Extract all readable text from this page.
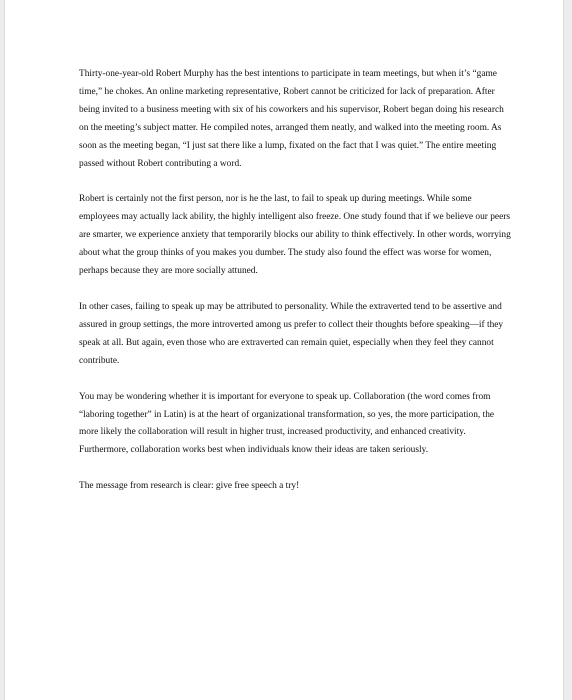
Thirty-one-year-old Robert Murphy has the best intentions to participate in team meetings, but when it’s “game time,” he chokes. An online marketing representative, Robert cannot be criticized for lack of preparation. After being invited to a business meeting with six of his coworkers and his supervisor, Robert began doing his research on the meeting’s subject matter. He compiled notes, arranged them neatly, and walked into the meeting room. As soon as the meeting began, “I just sat there like a lump, fixated on the fact that I was quiet.” The entire meeting passed without Robert contributing a word.

Robert is certainly not the first person, nor is he the last, to fail to speak up during meetings. While some employees may actually lack ability, the highly intelligent also freeze. One study found that if we believe our peers are smarter, we experience anxiety that temporarily blocks our ability to think effectively. In other words, worrying about what the group thinks of you makes you dumber. The study also found the effect was worse for women, perhaps because they are more socially attuned.

In other cases, failing to speak up may be attributed to personality. While the extraverted tend to be assertive and assured in group settings, the more introverted among us prefer to collect their thoughts before speaking—if they speak at all. But again, even those who are extraverted can remain quiet, especially when they feel they cannot contribute.

You may be wondering whether it is important for everyone to speak up. Collaboration (the word comes from “laboring together” in Latin) is at the heart of organizational transformation, so yes, the more participation, the more likely the collaboration will result in higher trust, increased productivity, and enhanced creativity. Furthermore, collaboration works best when individuals know their ideas are taken seriously.

The message from research is clear: give free speech a try!
